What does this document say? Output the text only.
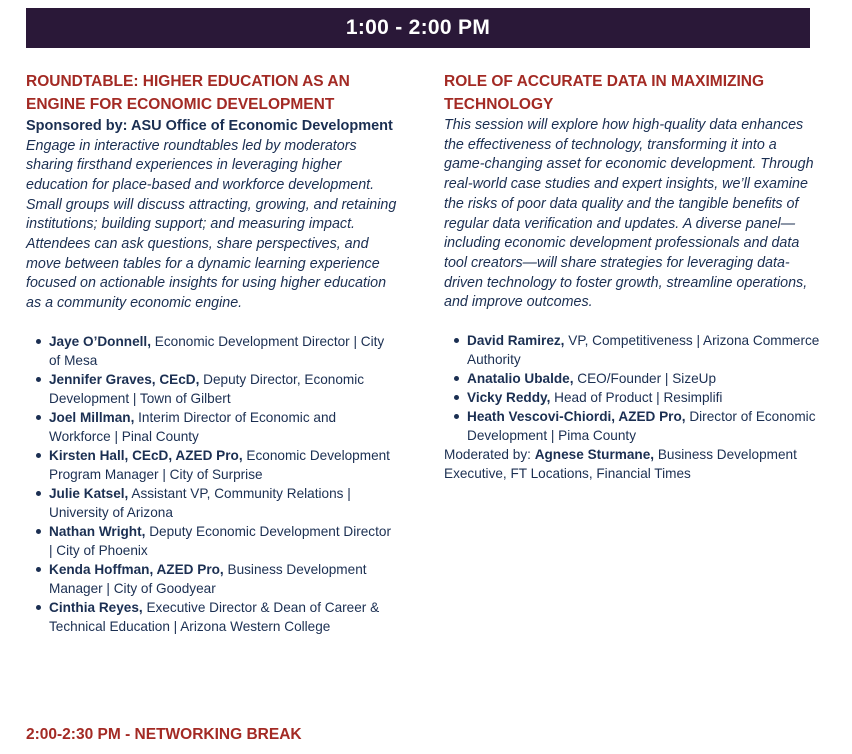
1:00 - 2:00 PM
ROUNDTABLE: HIGHER EDUCATION AS AN ENGINE FOR ECONOMIC DEVELOPMENT
Sponsored by: ASU Office of Economic Development
Engage in interactive roundtables led by moderators sharing firsthand experiences in leveraging higher education for place-based and workforce development. Small groups will discuss attracting, growing, and retaining institutions; building support; and measuring impact. Attendees can ask questions, share perspectives, and move between tables for a dynamic learning experience focused on actionable insights for using higher education as a community economic engine.
Jaye O’Donnell, Economic Development Director | City of Mesa
Jennifer Graves, CEcD, Deputy Director, Economic Development | Town of Gilbert
Joel Millman, Interim Director of Economic and Workforce | Pinal County
Kirsten Hall, CEcD, AZED Pro, Economic Development Program Manager | City of Surprise
Julie Katsel, Assistant VP, Community Relations | University of Arizona
Nathan Wright, Deputy Economic Development Director | City of Phoenix
Kenda Hoffman, AZED Pro, Business Development Manager | City of Goodyear
Cinthia Reyes, Executive Director & Dean of Career & Technical Education | Arizona Western College
ROLE OF ACCURATE DATA IN MAXIMIZING TECHNOLOGY
This session will explore how high-quality data enhances the effectiveness of technology, transforming it into a game-changing asset for economic development. Through real-world case studies and expert insights, we’ll examine the risks of poor data quality and the tangible benefits of regular data verification and updates. A diverse panel—including economic development professionals and data tool creators—will share strategies for leveraging data-driven technology to foster growth, streamline operations, and improve outcomes.
David Ramirez, VP, Competitiveness | Arizona Commerce Authority
Anatalio Ubalde, CEO/Founder | SizeUp
Vicky Reddy, Head of Product | Resimplifi
Heath Vescovi-Chiordi, AZED Pro, Director of Economic Development | Pima County
Moderated by: Agnese Sturmane, Business Development Executive, FT Locations, Financial Times
2:00-2:30 PM - NETWORKING BREAK
